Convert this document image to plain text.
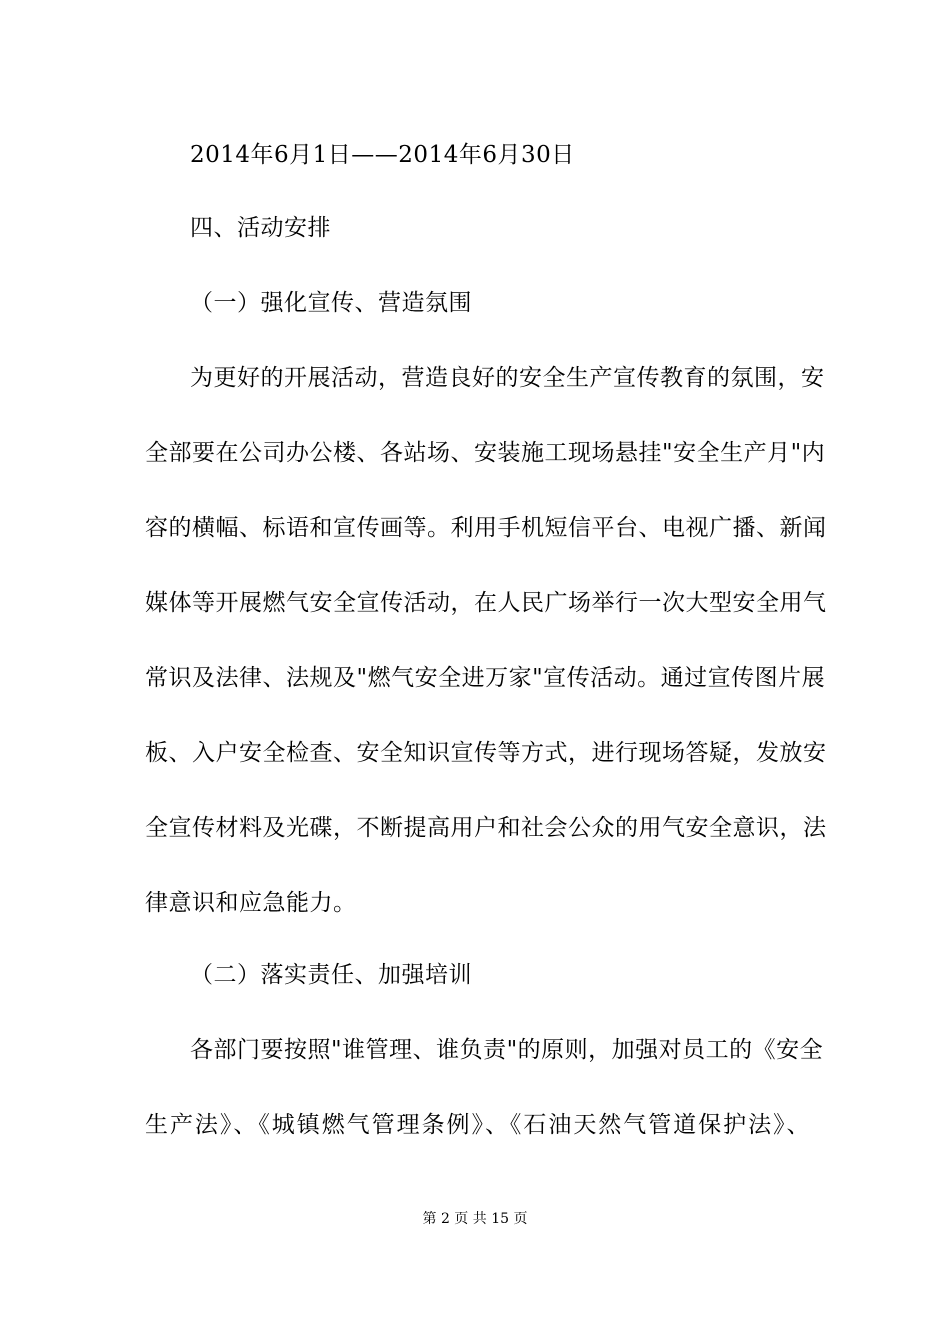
2014年6月1日——2014年6月30日
四、活动安排
（一）强化宣传、营造氛围
为更好的开展活动，营造良好的安全生产宣传教育的氛围，安
全部要在公司办公楼、各站场、安装施工现场悬挂"安全生产月"内
容的横幅、标语和宣传画等。利用手机短信平台、电视广播、新闻
媒体等开展燃气安全宣传活动，在人民广场举行一次大型安全用气
常识及法律、法规及"燃气安全进万家"宣传活动。通过宣传图片展
板、入户安全检查、安全知识宣传等方式，进行现场答疑，发放安
全宣传材料及光碟，不断提高用户和社会公众的用气安全意识，法
律意识和应急能力。
（二）落实责任、加强培训
各部门要按照"谁管理、谁负责"的原则，加强对员工的《安全
生产法》、《城镇燃气管理条例》、《石油天然气管道保护法》、
第 2 页 共 15 页
